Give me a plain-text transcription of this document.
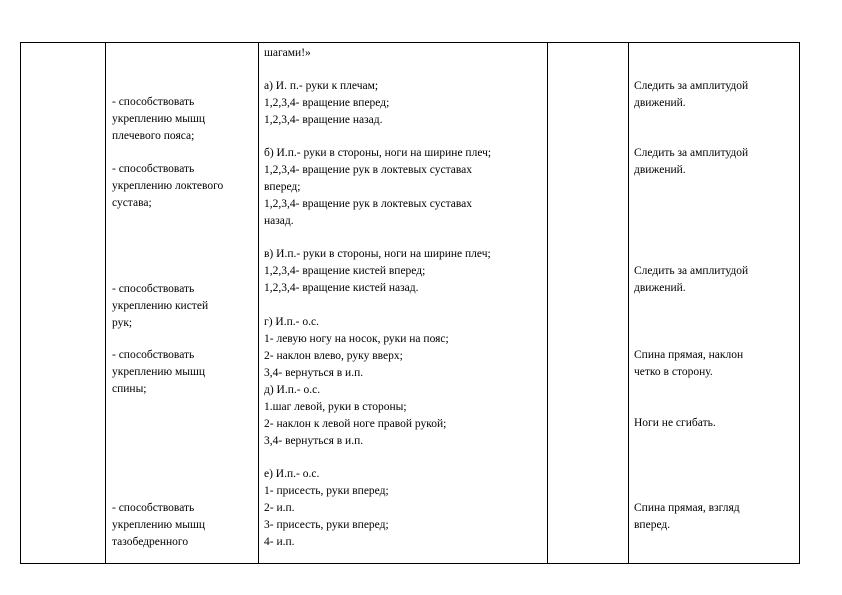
- способствовать
укреплению мышц
плечевого пояса;
- способствовать
укреплению локтевого
сустава;
- способствовать
укреплению кистей
рук;
- способствовать
укреплению мышц
спины;
- способствовать
укреплению мышц
тазобедренного
шагами!»
а) И. п.- руки к плечам;
1,2,3,4- вращение вперед;
1,2,3,4- вращение назад.
б) И.п.- руки в стороны, ноги на ширине плеч;
1,2,3,4- вращение рук в локтевых суставах
вперед;
1,2,3,4- вращение рук в локтевых суставах
назад.
в) И.п.- руки в стороны, ноги на ширине плеч;
1,2,3,4- вращение кистей вперед;
1,2,3,4- вращение кистей назад.
г) И.п.- о.с.
1- левую ногу на носок, руки на пояс;
2- наклон влево, руку вверх;
3,4- вернуться в и.п.
д) И.п.- о.с.
1.шаг левой, руки в стороны;
2- наклон к левой ноге правой рукой;
3,4- вернуться в и.п.
е) И.п.- о.с.
1- присесть, руки вперед;
2- и.п.
3- присесть, руки вперед;
4- и.п.
Следить за амплитудой
движений.
Следить за амплитудой
движений.
Следить за амплитудой
движений.
Спина прямая, наклон
четко в сторону.
Ноги не сгибать.
Спина прямая, взгляд
вперед.
